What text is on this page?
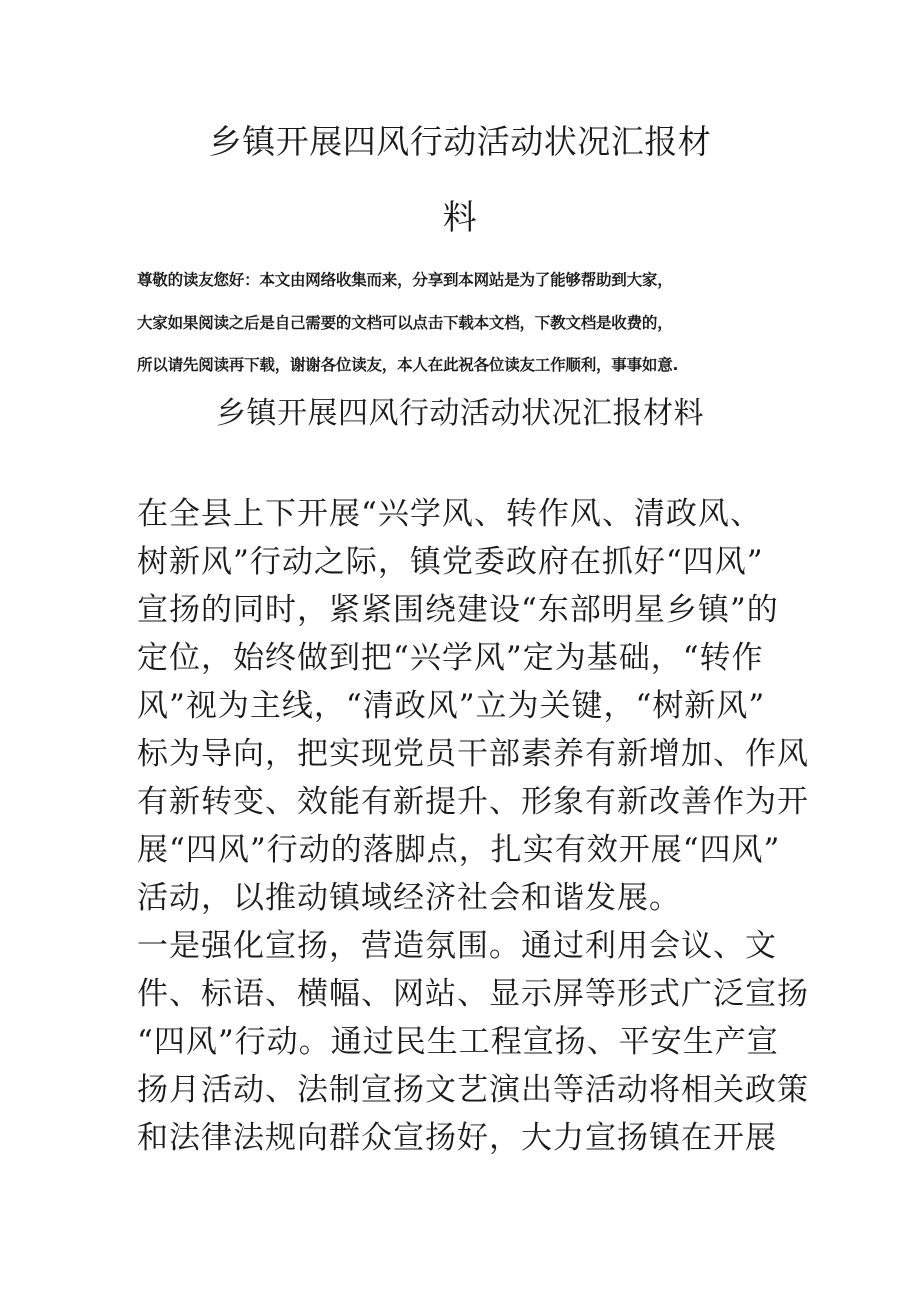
乡镇开展四风行动活动状况汇报材
料
尊敬的读友您好：本文由网络收集而来，分享到本网站是为了能够帮助到大家，
大家如果阅读之后是自己需要的文档可以点击下载本文档，下教文档是收费的，
所以请先阅读再下载，谢谢各位读友，本人在此祝各位读友工作顺利，事事如意.
乡镇开展四风行动活动状况汇报材料
在全县上下开展“兴学风、转作风、清政风、
树新风”行动之际，镇党委政府在抓好“四风”
宣扬的同时，紧紧围绕建设“东部明星乡镇”的
定位，始终做到把“兴学风”定为基础，“转作
风”视为主线，“清政风”立为关键，“树新风”
标为导向，把实现党员干部素养有新增加、作风
有新转变、效能有新提升、形象有新改善作为开
展“四风”行动的落脚点，扎实有效开展“四风”
活动，以推动镇域经济社会和谐发展。
一是强化宣扬，营造氛围。通过利用会议、文
件、标语、横幅、网站、显示屏等形式广泛宣扬
“四风”行动。通过民生工程宣扬、平安生产宣
扬月活动、法制宣扬文艺演出等活动将相关政策
和法律法规向群众宣扬好，大力宣扬镇在开展
